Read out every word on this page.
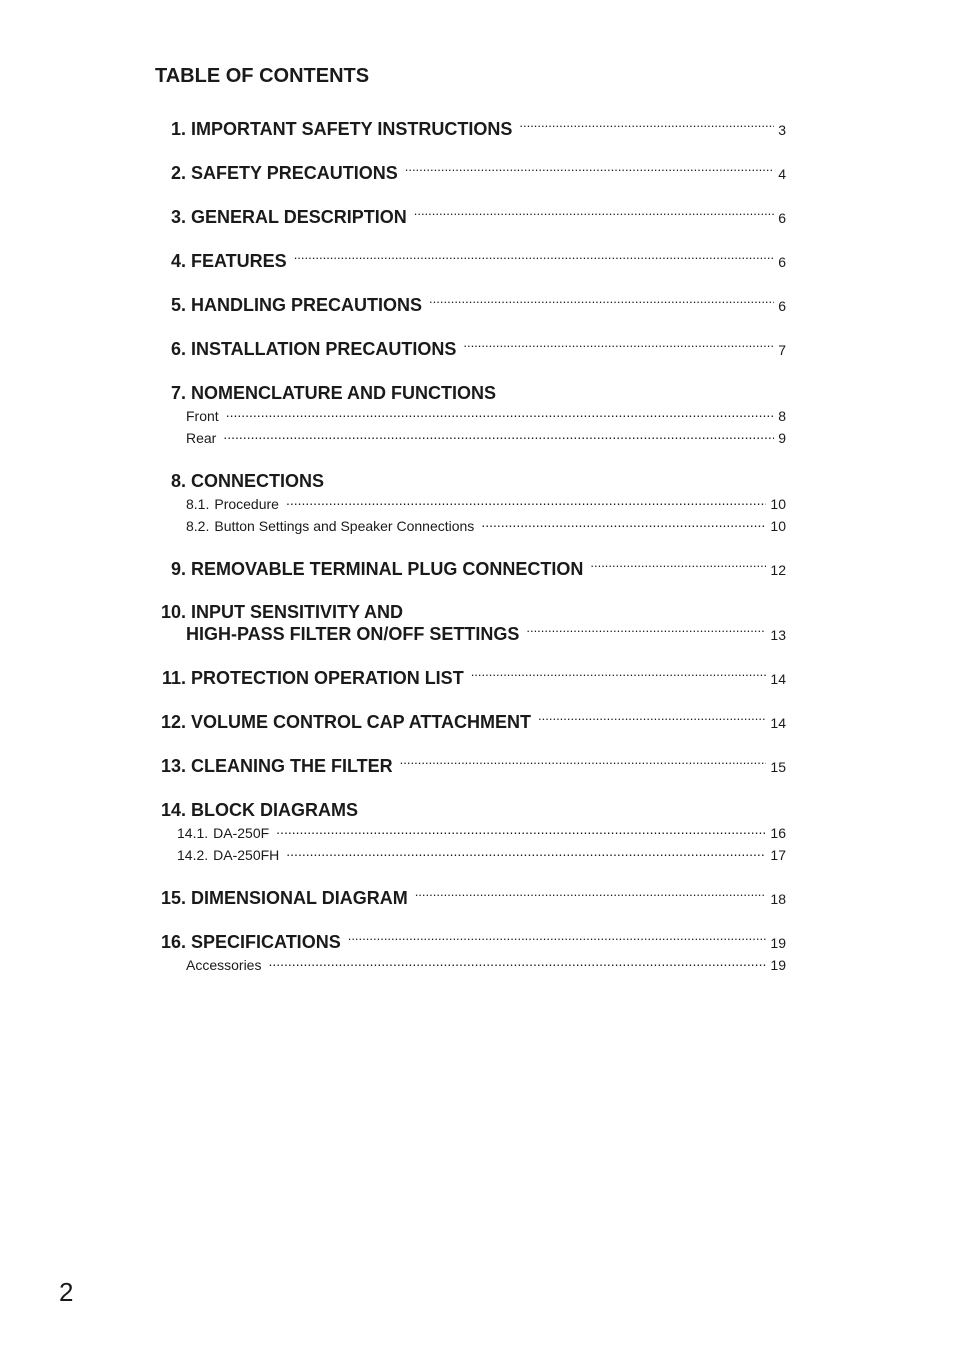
TABLE OF CONTENTS
1.
IMPORTANT SAFETY INSTRUCTIONS .....	3
2.
SAFETY PRECAUTIONS .....	4
3.
GENERAL DESCRIPTION .....	6
4.
FEATURES .....	6
5.
HANDLING PRECAUTIONS .....	6
6.
INSTALLATION PRECAUTIONS .....	7
7.
NOMENCLATURE AND FUNCTIONS
Front .....	8
Rear .....	9
8.
CONNECTIONS
8.1. Procedure .....	10
8.2. Button Settings and Speaker Connections .....	10
9.
REMOVABLE TERMINAL PLUG CONNECTION .....	12
10.
INPUT SENSITIVITY AND
HIGH-PASS FILTER ON/OFF SETTINGS .....	13
11.
PROTECTION OPERATION LIST .....	14
12.
VOLUME CONTROL CAP ATTACHMENT .....	14
13.
CLEANING THE FILTER .....	15
14.
BLOCK DIAGRAMS
14.1. DA-250F .....	16
14.2. DA-250FH .....	17
15.
DIMENSIONAL DIAGRAM .....	18
16.
SPECIFICATIONS .....	19
Accessories .....	19
2
